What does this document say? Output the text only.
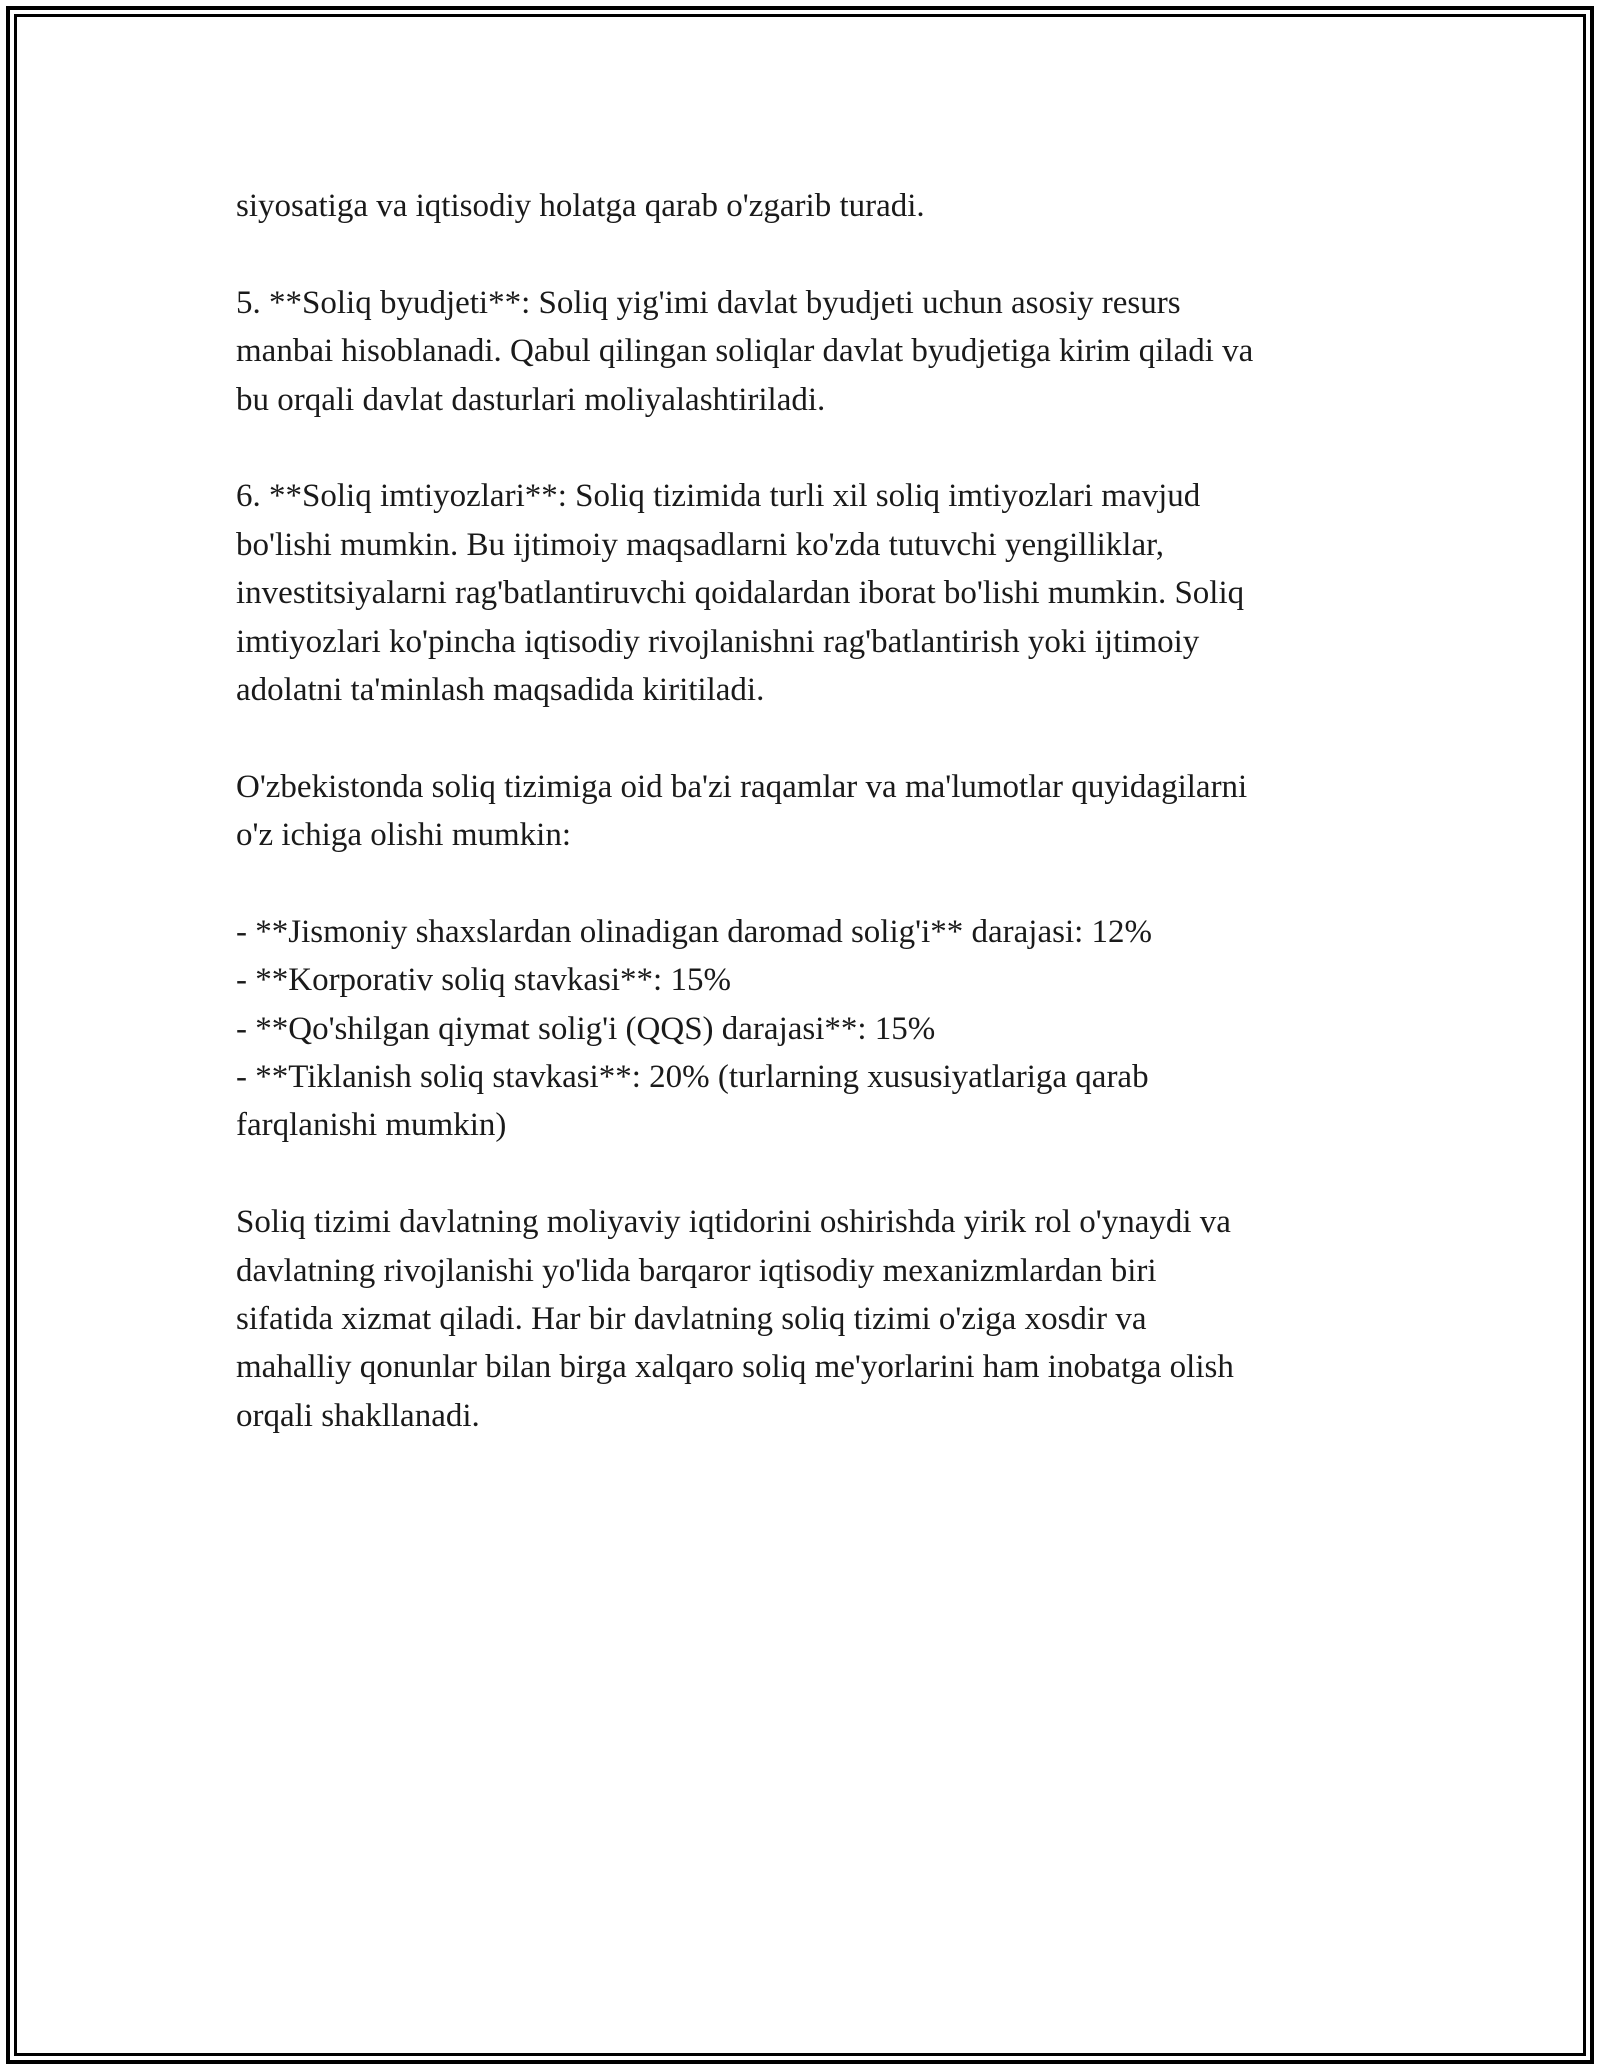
siyosatiga va iqtisodiy holatga qarab o'zgarib turadi.
5. **Soliq byudjeti**: Soliq yig'imi davlat byudjeti uchun asosiy resurs
manbai hisoblanadi. Qabul qilingan soliqlar davlat byudjetiga kirim qiladi va
bu orqali davlat dasturlari moliyalashtiriladi.
6. **Soliq imtiyozlari**: Soliq tizimida turli xil soliq imtiyozlari mavjud
bo'lishi mumkin. Bu ijtimoiy maqsadlarni ko'zda tutuvchi yengilliklar,
investitsiyalarni rag'batlantiruvchi qoidalardan iborat bo'lishi mumkin. Soliq
imtiyozlari ko'pincha iqtisodiy rivojlanishni rag'batlantirish yoki ijtimoiy
adolatni ta'minlash maqsadida kiritiladi.
O'zbekistonda soliq tizimiga oid ba'zi raqamlar va ma'lumotlar quyidagilarni
o'z ichiga olishi mumkin:
- **Jismoniy shaxslardan olinadigan daromad solig'i** darajasi: 12%
- **Korporativ soliq stavkasi**: 15%
- **Qo'shilgan qiymat solig'i (QQS) darajasi**: 15%
- **Tiklanish soliq stavkasi**: 20% (turlarning xususiyatlariga qarab
farqlanishi mumkin)
Soliq tizimi davlatning moliyaviy iqtidorini oshirishda yirik rol o'ynaydi va
davlatning rivojlanishi yo'lida barqaror iqtisodiy mexanizmlardan biri
sifatida xizmat qiladi. Har bir davlatning soliq tizimi o'ziga xosdir va
mahalliy qonunlar bilan birga xalqaro soliq me'yorlarini ham inobatga olish
orqali shakllanadi.
